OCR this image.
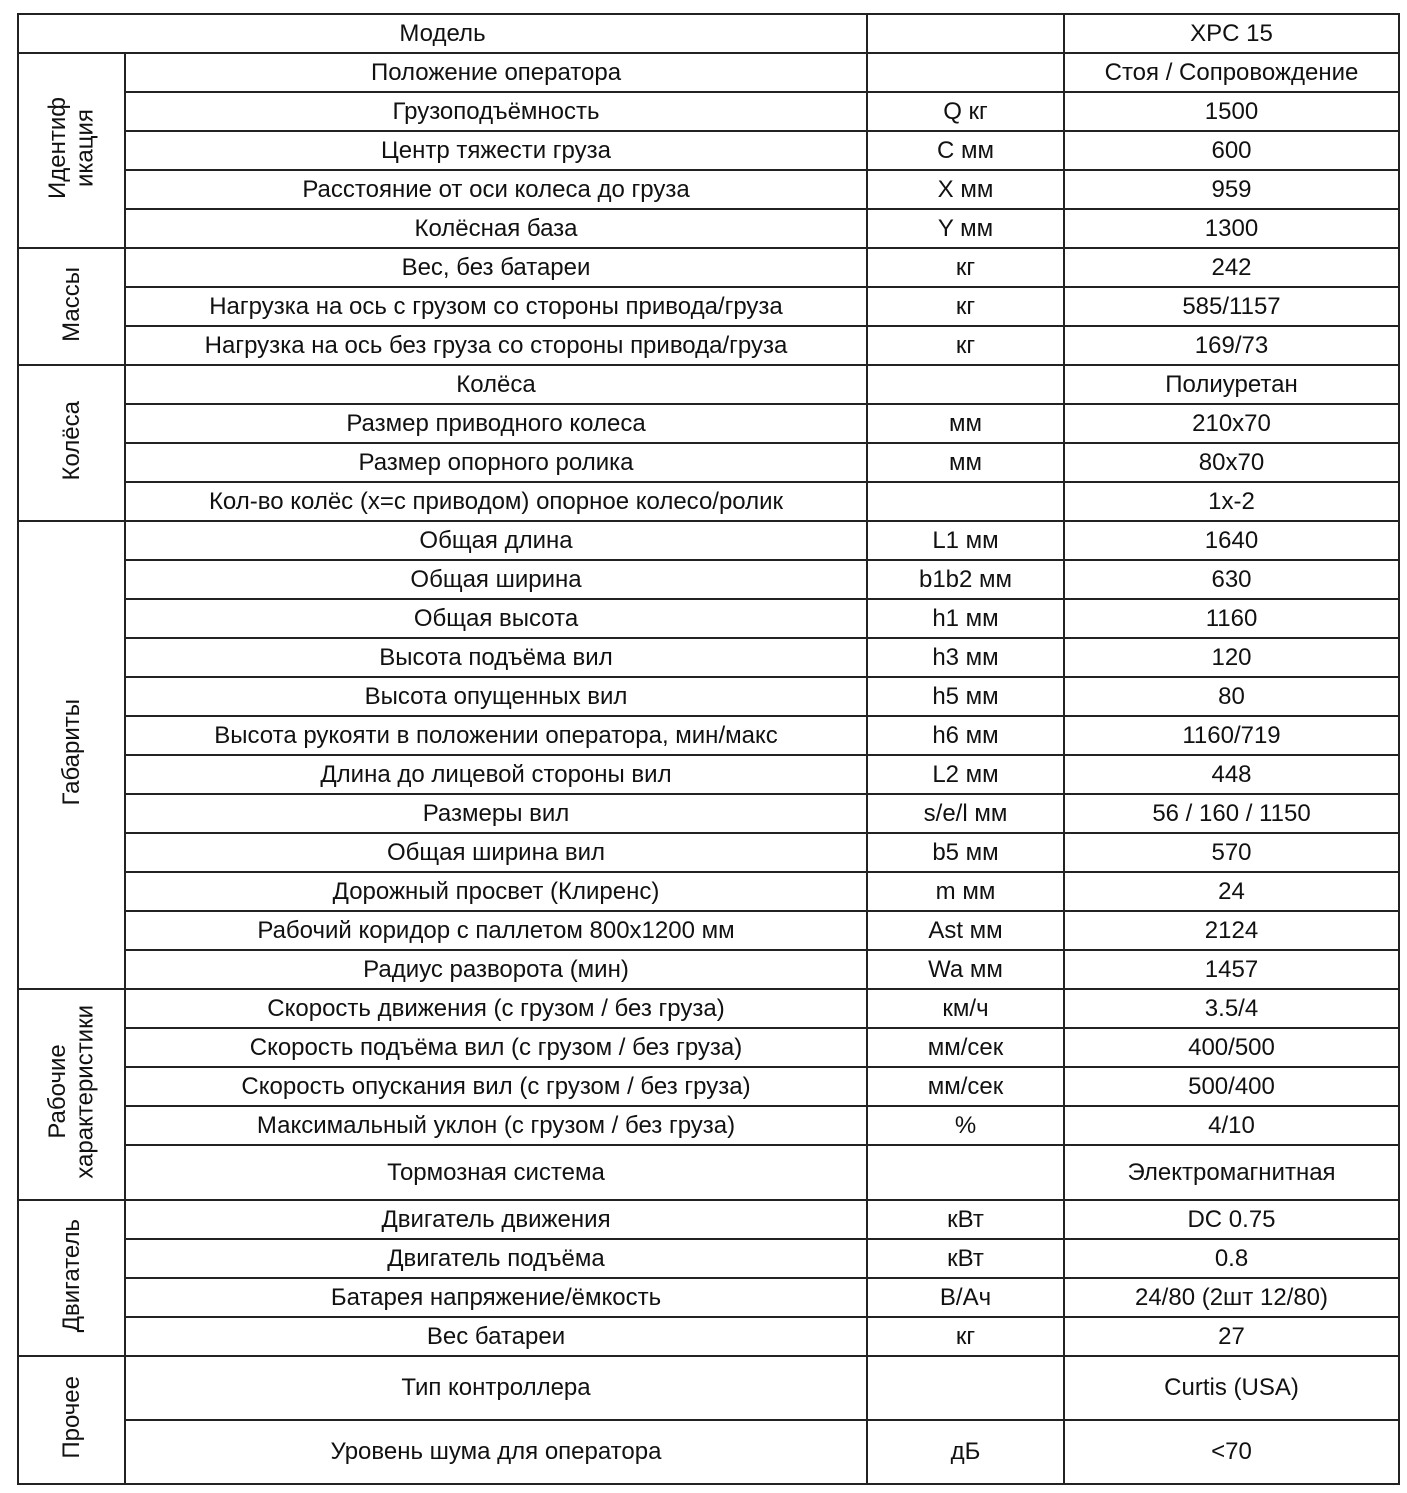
Модель			XPC 15
Идентиф
икация	Положение оператора		Стоя / Сопровождение
	Грузоподъёмность	Q кг	1500
	Центр тяжести груза	C мм	600
	Расстояние от оси колеса до груза	X мм	959
	Колёсная база	Y мм	1300
Массы	Вес, без батареи	кг	242
	Нагрузка на ось с грузом со стороны привода/груза	кг	585/1157
	Нагрузка на ось без груза со стороны привода/груза	кг	169/73
Колёса	Колёса		Полиуретан
	Размер приводного колеса	мм	210x70
	Размер опорного ролика	мм	80x70
	Кол-во колёс (x=с приводом) опорное колесо/ролик		1x-2
Габариты	Общая длина	L1 мм	1640
	Общая ширина	b1b2 мм	630
	Общая высота	h1 мм	1160
	Высота подъёма вил	h3 мм	120
	Высота опущенных вил	h5 мм	80
	Высота рукояти в положении оператора, мин/макс	h6 мм	1160/719
	Длина до лицевой стороны вил	L2 мм	448
	Размеры вил	s/e/l мм	56 / 160 / 1150
	Общая ширина вил	b5 мм	570
	Дорожный просвет (Клиренс)	m мм	24
	Рабочий коридор с паллетом 800x1200 мм	Ast мм	2124
	Радиус разворота (мин)	Wa мм	1457
Рабочие
характеристики	Скорость движения (с грузом / без груза)	км/ч	3.5/4
	Скорость подъёма вил (с грузом / без груза)	мм/сек	400/500
	Скорость опускания вил (с грузом / без груза)	мм/сек	500/400
	Максимальный уклон (с грузом / без груза)	%	4/10
	Тормозная система		Электромагнитная
Двигатель	Двигатель движения	кВт	DC 0.75
	Двигатель подъёма	кВт	0.8
	Батарея напряжение/ёмкость	В/Ач	24/80 (2шт 12/80)
	Вес батареи	кг	27
Прочее	Тип контроллера		Curtis (USA)
	Уровень шума для оператора	дБ	<70
